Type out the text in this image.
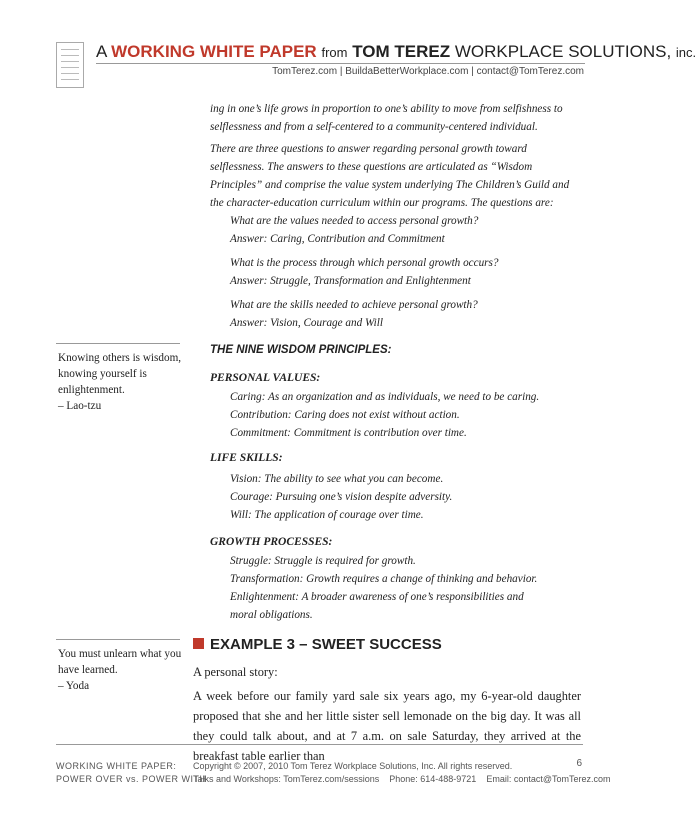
A WORKING WHITE PAPER from TOM TEREZ WORKPLACE SOLUTIONS, inc.
TomTerez.com | BuildaBetterWorkplace.com | contact@TomTerez.com
ing in one’s life grows in proportion to one’s ability to move from selfishness to selflessness and from a self-centered to a community-centered individual.
There are three questions to answer regarding personal growth toward selflessness. The answers to these questions are articulated as “Wisdom Principles” and comprise the value system underlying The Children’s Guild and the character-education curriculum within our programs. The questions are:
What are the values needed to access personal growth?
Answer: Caring, Contribution and Commitment
What is the process through which personal growth occurs?
Answer: Struggle, Transformation and Enlightenment
What are the skills needed to achieve personal growth?
Answer: Vision, Courage and Will
Knowing others is wisdom, knowing yourself is enlightenment.
– Lao-tzu
THE NINE WISDOM PRINCIPLES:
PERSONAL VALUES:
Caring: As an organization and as individuals, we need to be caring.
Contribution: Caring does not exist without action.
Commitment: Commitment is contribution over time.
LIFE SKILLS:
Vision: The ability to see what you can become.
Courage: Pursuing one’s vision despite adversity.
Will: The application of courage over time.
GROWTH PROCESSES:
Struggle: Struggle is required for growth.
Transformation: Growth requires a change of thinking and behavior.
Enlightenment: A broader awareness of one’s responsibilities and moral obligations.
You must unlearn what you have learned.
– Yoda
EXAMPLE 3 – SWEET SUCCESS
A personal story:
A week before our family yard sale six years ago, my 6-year-old daughter proposed that she and her little sister sell lemonade on the big day. It was all they could talk about, and at 7 a.m. on sale Saturday, they arrived at the breakfast table earlier than
WORKING WHITE PAPER:
POWER OVER vs. POWER WITH
Copyright © 2007, 2010 Tom Terez Workplace Solutions, Inc. All rights reserved.
Talks and Workshops: TomTerez.com/sessions    Phone: 614-488-9721    Email: contact@TomTerez.com
6
